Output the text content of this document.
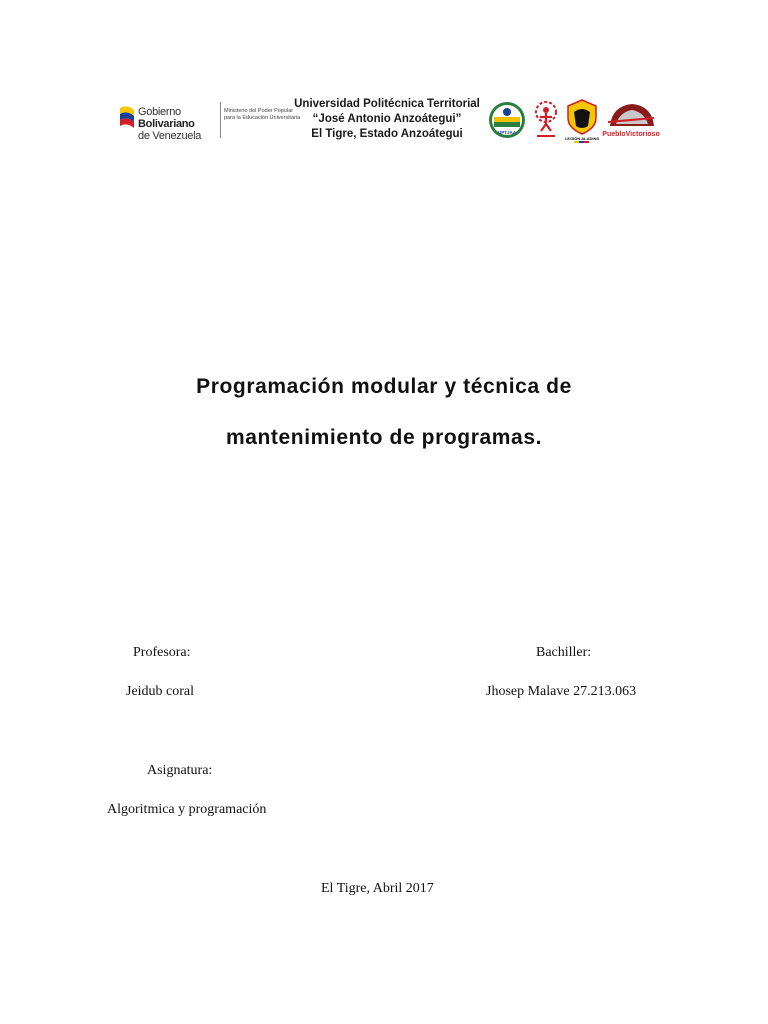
Gobierno Bolivariano
de Venezuela
Ministerio del Poder Popular
para la Educación Universitaria
Universidad Politécnica Territorial
“José Antonio Anzoátegui”
El Tigre, Estado Anzoátegui	UPTJAA
LEGIÓN ALADINS
PuebloVictorioso
Programación modular y técnica de
mantenimiento de programas.
Profesora:
Jeidub coral
Bachiller:
Jhosep Malave 27.213.063
Asignatura:
Algoritmica y programación
El Tigre, Abril 2017
